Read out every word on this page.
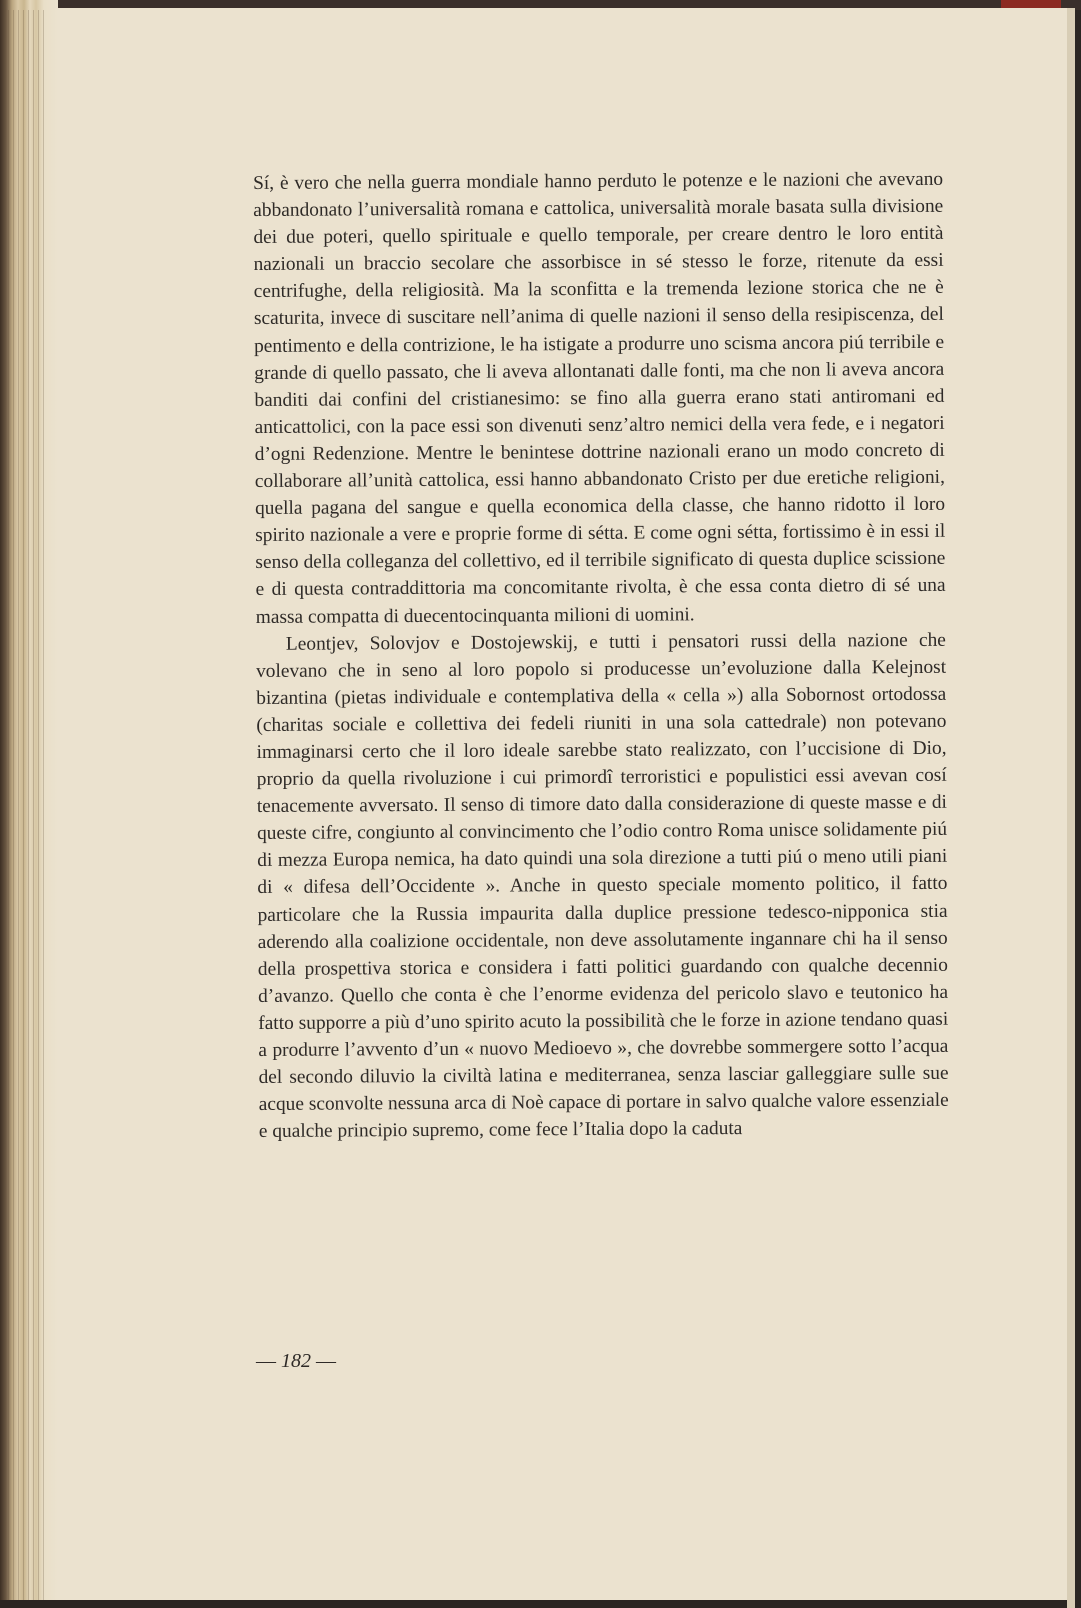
Sí, è vero che nella guerra mondiale hanno perduto le potenze e le nazioni che avevano abbandonato l’universalità romana e cattolica, universalità morale basata sulla divisione dei due poteri, quello spirituale e quello temporale, per creare dentro le loro entità nazionali un braccio secolare che assorbisce in sé stesso le forze, ritenute da essi centrifughe, della religiosità. Ma la sconfitta e la tremenda lezione storica che ne è scaturita, invece di suscitare nell’anima di quelle nazioni il senso della resipiscenza, del pentimento e della contrizione, le ha istigate a produrre uno scisma ancora piú terribile e grande di quello passato, che li aveva allontanati dalle fonti, ma che non li aveva ancora banditi dai confini del cristianesimo: se fino alla guerra erano stati antiromani ed anticattolici, con la pace essi son divenuti senz’altro nemici della vera fede, e i negatori d’ogni Redenzione. Mentre le benintese dottrine nazionali erano un modo concreto di collaborare all’unità cattolica, essi hanno abbandonato Cristo per due eretiche religioni, quella pagana del sangue e quella economica della classe, che hanno ridotto il loro spirito nazionale a vere e proprie forme di sétta. E come ogni sétta, fortissimo è in essi il senso della colleganza del collettivo, ed il terribile significato di questa duplice scissione e di questa contraddittoria ma concomitante rivolta, è che essa conta dietro di sé una massa compatta di duecentocinquanta milioni di uomini.

Leontjev, Solovjov e Dostojewskij, e tutti i pensatori russi della nazione che volevano che in seno al loro popolo si producesse un’evoluzione dalla Kelejnost bizantina (pietas individuale e contemplativa della « cella ») alla Sobornost ortodossa (charitas sociale e collettiva dei fedeli riuniti in una sola cattedrale) non potevano immaginarsi certo che il loro ideale sarebbe stato realizzato, con l’uccisione di Dio, proprio da quella rivoluzione i cui primordî terroristici e populistici essi avevan cosí tenacemente avversato. Il senso di timore dato dalla considerazione di queste masse e di queste cifre, congiunto al convincimento che l’odio contro Roma unisce solidamente piú di mezza Europa nemica, ha dato quindi una sola direzione a tutti piú o meno utili piani di « difesa dell’Occidente ». Anche in questo speciale momento politico, il fatto particolare che la Russia impaurita dalla duplice pressione tedesco-nipponica stia aderendo alla coalizione occidentale, non deve assolutamente ingannare chi ha il senso della prospettiva storica e considera i fatti politici guardando con qualche decennio d’avanzo. Quello che conta è che l’enorme evidenza del pericolo slavo e teutonico ha fatto supporre a più d’uno spirito acuto la possibilità che le forze in azione tendano quasi a produrre l’avvento d’un « nuovo Medioevo », che dovrebbe sommergere sotto l’acqua del secondo diluvio la civiltà latina e mediterranea, senza lasciar galleggiare sulle sue acque sconvolte nessuna arca di Noè capace di portare in salvo qualche valore essenziale e qualche principio supremo, come fece l’Italia dopo la caduta

— 182 —
